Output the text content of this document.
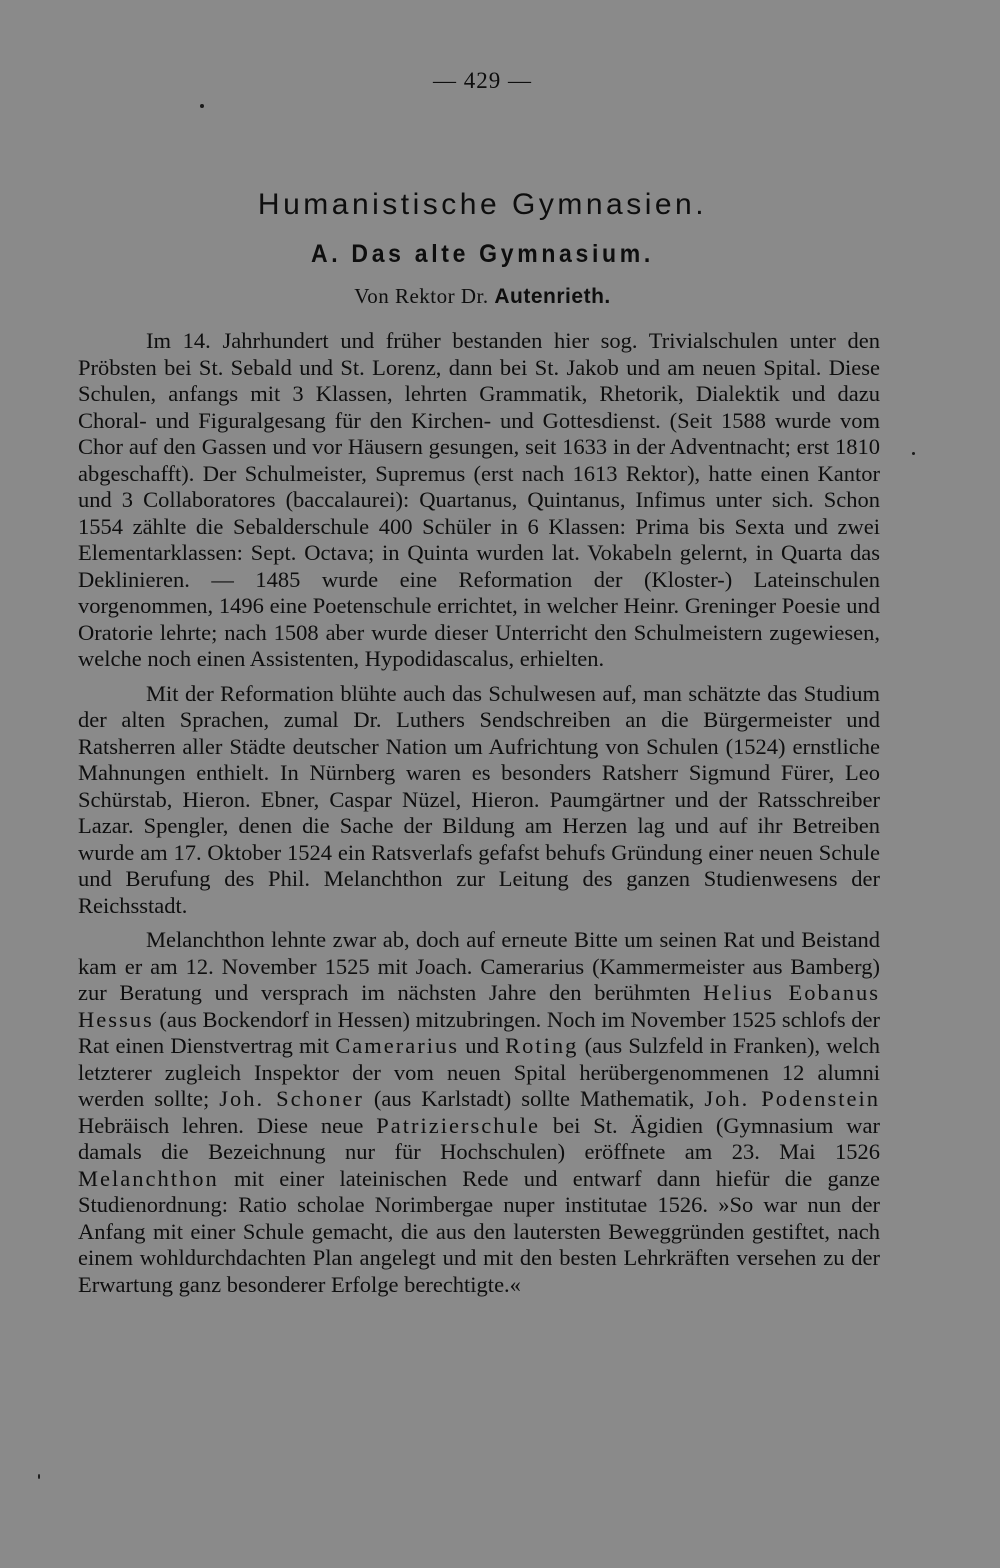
— 429 —
Humanistische Gymnasien.
A. Das alte Gymnasium.
Von Rektor Dr. Autenrieth.

Im 14. Jahrhundert und früher bestanden hier sog. Trivialschulen unter den Pröbsten bei St. Sebald und St. Lorenz, dann bei St. Jakob und am neuen Spital. Diese Schulen, anfangs mit 3 Klassen, lehrten Grammatik, Rhetorik, Dialektik und dazu Choral- und Figuralgesang für den Kirchen- und Gottesdienst. (Seit 1588 wurde vom Chor auf den Gassen und vor Häusern gesungen, seit 1633 in der Adventnacht; erst 1810 abgeschafft). Der Schulmeister, Supremus (erst nach 1613 Rektor), hatte einen Kantor und 3 Collaboratores (baccalaurei): Quartanus, Quintanus, Infimus unter sich. Schon 1554 zählte die Sebalderschule 400 Schüler in 6 Klassen: Prima bis Sexta und zwei Elementarklassen: Sept. Octava; in Quinta wurden lat. Vokabeln gelernt, in Quarta das Deklinieren. — 1485 wurde eine Reformation der (Kloster-) Lateinschulen vorgenommen, 1496 eine Poetenschule errichtet, in welcher Heinr. Greninger Poesie und Oratorie lehrte; nach 1508 aber wurde dieser Unterricht den Schulmeistern zugewiesen, welche noch einen Assistenten, Hypodidascalus, erhielten.

Mit der Reformation blühte auch das Schulwesen auf, man schätzte das Studium der alten Sprachen, zumal Dr. Luthers Sendschreiben an die Bürgermeister und Ratsherren aller Städte deutscher Nation um Aufrichtung von Schulen (1524) ernstliche Mahnungen enthielt. In Nürnberg waren es besonders Ratsherr Sigmund Fürer, Leo Schürstab, Hieron. Ebner, Caspar Nüzel, Hieron. Paumgärtner und der Ratsschreiber Lazar. Spengler, denen die Sache der Bildung am Herzen lag und auf ihr Betreiben wurde am 17. Oktober 1524 ein Ratsverlafs gefafst behufs Gründung einer neuen Schule und Berufung des Phil. Melanchthon zur Leitung des ganzen Studienwesens der Reichsstadt.

Melanchthon lehnte zwar ab, doch auf erneute Bitte um seinen Rat und Beistand kam er am 12. November 1525 mit Joach. Camerarius (Kammermeister aus Bamberg) zur Beratung und versprach im nächsten Jahre den berühmten Helius Eobanus Hessus (aus Bockendorf in Hessen) mitzubringen. Noch im November 1525 schlofs der Rat einen Dienstvertrag mit Camerarius und Roting (aus Sulzfeld in Franken), welch letzterer zugleich Inspektor der vom neuen Spital herübergenommenen 12 alumni werden sollte; Joh. Schoner (aus Karlstadt) sollte Mathematik, Joh. Podenstein Hebräisch lehren. Diese neue Patrizierschule bei St. Ägidien (Gymnasium war damals die Bezeichnung nur für Hochschulen) eröffnete am 23. Mai 1526 Melanchthon mit einer lateinischen Rede und entwarf dann hiefür die ganze Studienordnung: Ratio scholae Norimbergae nuper institutae 1526. »So war nun der Anfang mit einer Schule gemacht, die aus den lautersten Beweggründen gestiftet, nach einem wohldurchdachten Plan angelegt und mit den besten Lehrkräften versehen zu der Erwartung ganz besonderer Erfolge berechtigte.«
